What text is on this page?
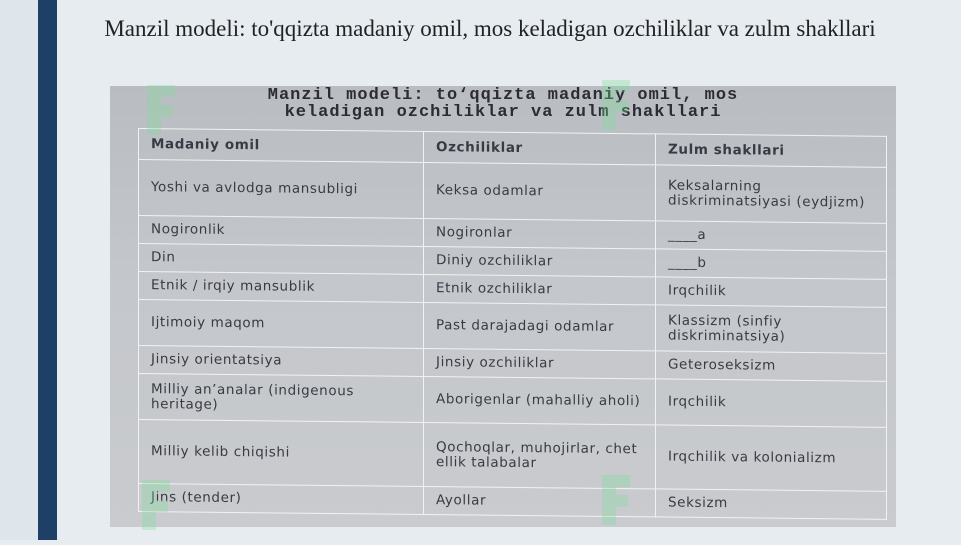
Manzil modeli: to'qqizta madaniy omil, mos keladigan ozchiliklar va zulm shakllari
Manzil modeli: to‘qqizta madaniy omil, mos
keladigan ozchiliklar va zulm shakllari
Madaniy omil	Ozchiliklar	Zulm shakllari
Yoshi va avlodga mansubligi	Keksa odamlar	Keksalarning diskriminatsiyasi (eydjizm)
Nogironlik	Nogironlar	____a
Din	Diniy ozchiliklar	____b
Etnik / irqiy mansublik	Etnik ozchiliklar	Irqchilik
Ijtimoiy maqom	Past darajadagi odamlar	Klassizm (sinfiy diskriminatsiya)
Jinsiy orientatsiya	Jinsiy ozchiliklar	Geteroseksizm
Milliy an’analar (indigenous heritage)	Aborigenlar (mahalliy aholi)	Irqchilik
Milliy kelib chiqishi	Qochoqlar, muhojirlar, chet ellik talabalar	Irqchilik va kolonializm
Jins (tender)	Ayollar	Seksizm
